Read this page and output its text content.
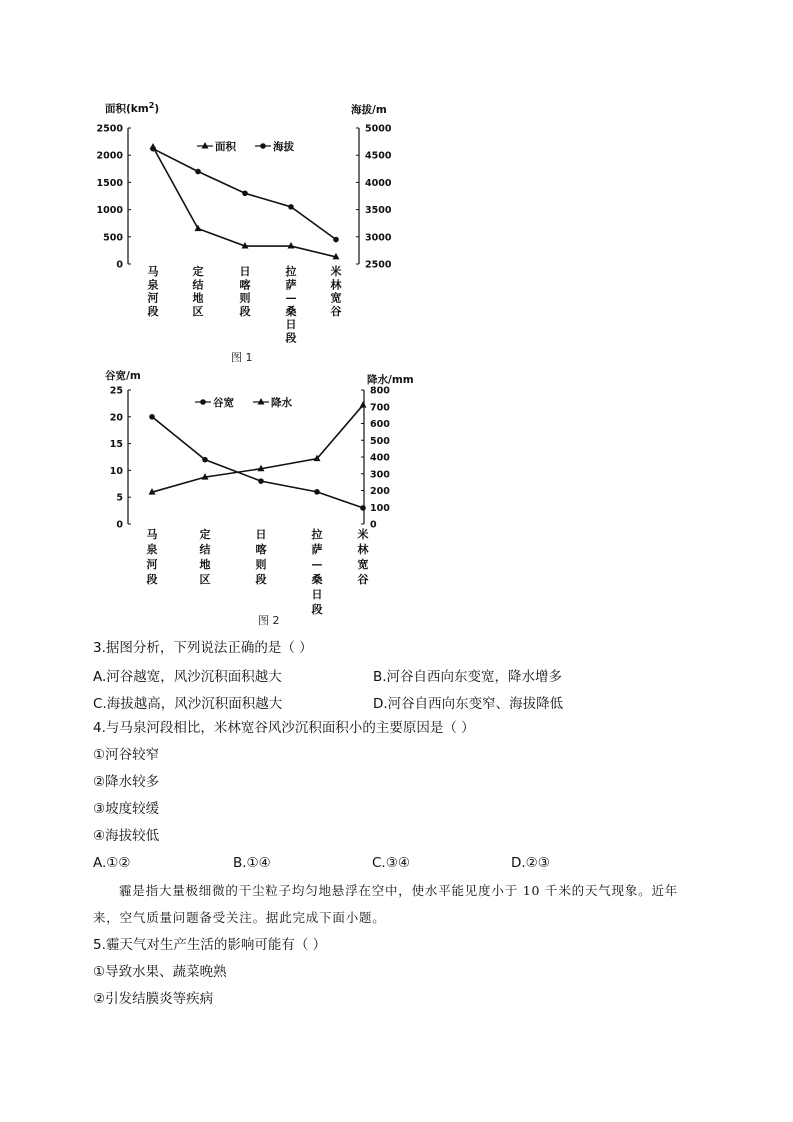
0
500
1000
1500
2000
2500
2500
3000
3500
4000
4500
5000
面积$(km^2)$	海拔/m
面积	海拔
马
泉
河
段
定
结
地
区
日
喀
则
段
拉
萨
—
桑
日
段
米
林
宽
谷
图 1
0
5
10
15
20
25
0
100
200
300
400
500
600
700
800
谷宽/m	降水/mm
谷宽	降水
马
泉
河
段
定
结
地
区
日
喀
则
段
拉
萨
—
桑
日
段
米
林
宽
谷
图 2
3.据图分析，下列说法正确的是（ ）
A.河谷越宽，风沙沉积面积越大	B.河谷自西向东变宽，降水增多
C.海拔越高，风沙沉积面积越大	D.河谷自西向东变窄、海拔降低
4.与马泉河段相比，米林宽谷风沙沉积面积小的主要原因是（ ）
①河谷较窄
②降水较多
③坡度较缓
④海拔较低
A.①②	B.①④	C.③④	D.②③
霾是指大量极细微的干尘粒子均匀地悬浮在空中，使水平能见度小于 10 千米的天气现象。近年来，空气质量问题备受关注。据此完成下面小题。
5.霾天气对生产生活的影响可能有（ ）
①导致水果、蔬菜晚熟
②引发结膜炎等疾病
